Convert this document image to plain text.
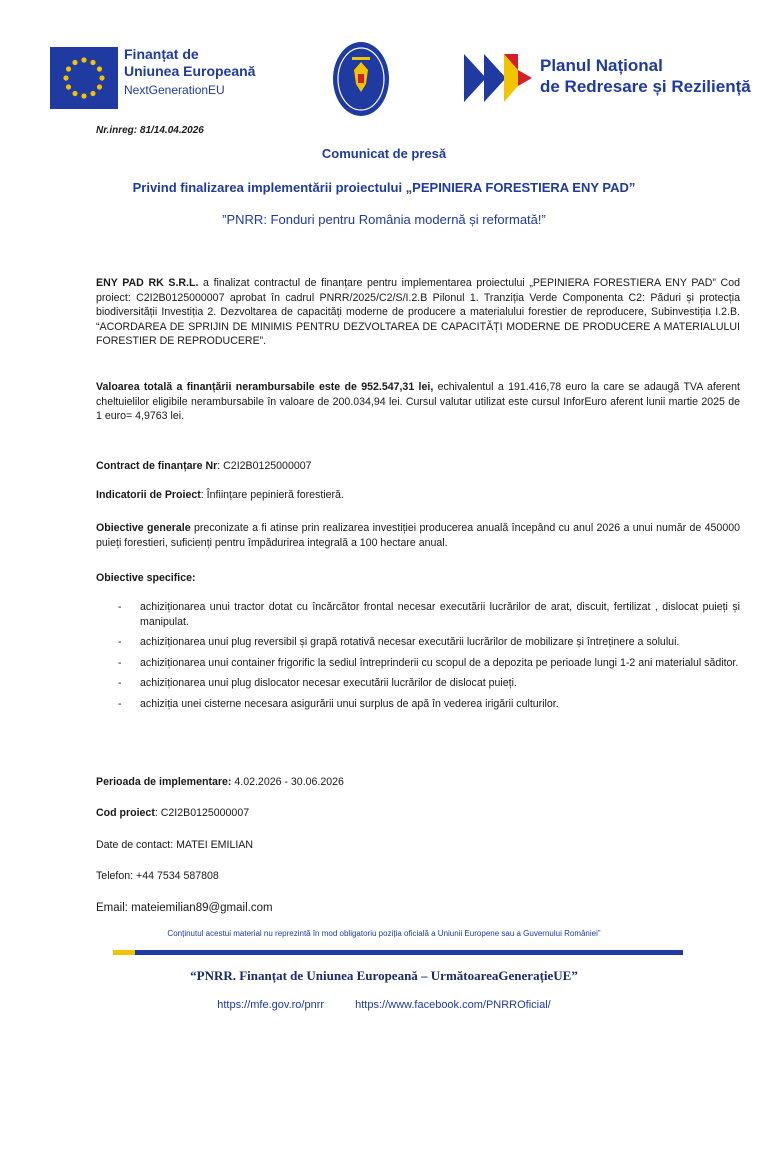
Finanțat de
Uniunea Europeană
NextGenerationEU
Planul Național
de Redresare și Reziliență
Nr.inreg: 81/14.04.2026
Comunicat de presă
Privind finalizarea implementării proiectului „PEPINIERA FORESTIERA ENY PAD”
”PNRR: Fonduri pentru România modernă și reformată!”
ENY PAD RK S.R.L. a finalizat contractul de finanțare pentru implementarea proiectului „PEPINIERA FORESTIERA ENY PAD” Cod proiect: C2I2B0125000007 aprobat în cadrul PNRR/2025/C2/S/I.2.B Pilonul 1. Tranziția Verde Componenta C2: Păduri și protecția biodiversității Investiția 2. Dezvoltarea de capacități moderne de producere a materialului forestier de reproducere, Subinvestiția I.2.B. “ACORDAREA DE SPRIJIN DE MINIMIS PENTRU DEZVOLTAREA DE CAPACITĂȚI MODERNE DE PRODUCERE A MATERIALULUI FORESTIER DE REPRODUCERE”.
Valoarea totală a finanțării nerambursabile este de 952.547,31 lei, echivalentul a 191.416,78 euro la care se adaugă TVA aferent cheltuielilor eligibile nerambursabile în valoare de 200.034,94 lei. Cursul valutar utilizat este cursul InforEuro aferent lunii martie 2025 de 1 euro= 4,9763 lei.
Contract de finanțare Nr: C2I2B0125000007
Indicatorii de Proiect: Înființare pepinieră forestieră.
Obiective generale preconizate a fi atinse prin realizarea investiției producerea anuală începând cu anul 2026 a unui număr de 450000 puieți forestieri, suficienți pentru împădurirea integrală a 100 hectare anual.
Obiective specifice:
- achiziționarea unui tractor dotat cu încărcător frontal necesar executării lucrărilor de arat, discuit, fertilizat , dislocat puieți și manipulat.
- achiziționarea unui plug reversibil și grapă rotativă necesar executării lucrărilor de mobilizare și întreținere a solului.
- achiziționarea unui container frigorific la sediul întreprinderii cu scopul de a depozita pe perioade lungi 1-2 ani materialul săditor.
- achiziționarea unui plug dislocator necesar executării lucrărilor de dislocat puieți.
- achiziția unei cisterne necesara asigurării unui surplus de apă în vederea irigării culturilor.
Perioada de implementare: 4.02.2026 - 30.06.2026
Cod proiect: C2I2B0125000007
Date de contact: MATEI EMILIAN
Telefon: +44 7534 587808
Email: mateiemilian89@gmail.com
Conținutul acestui material nu reprezintă în mod obligatoriu poziția oficială a Uniunii Europene sau a Guvernului României”
“PNRR. Finanțat de Uniunea Europeană – UrmătoareaGenerațieUE”
https://mfe.gov.ro/pnrr	https://www.facebook.com/PNRROficial/
